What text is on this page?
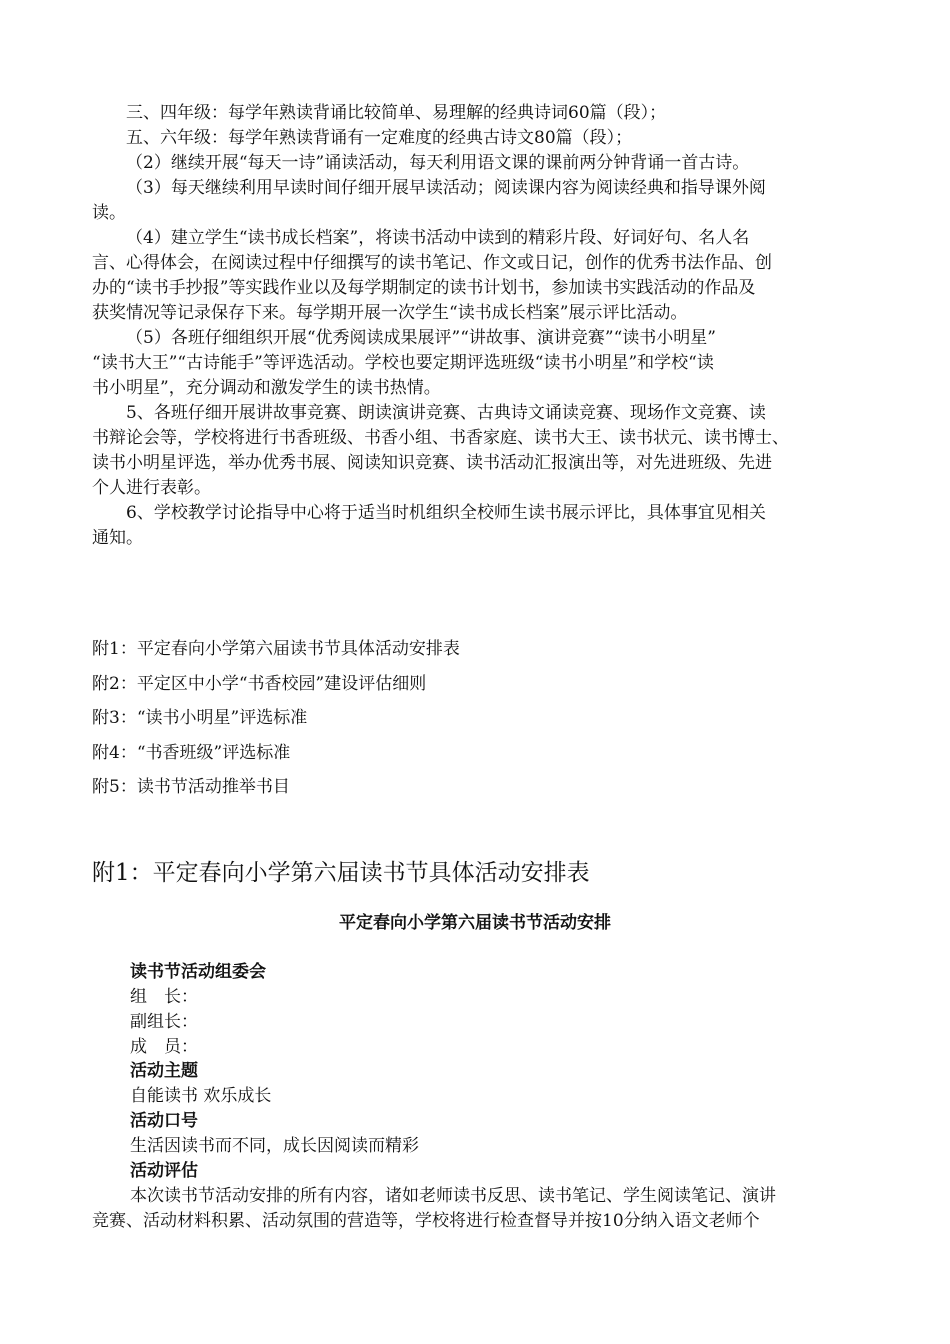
三、四年级：每学年熟读背诵比较简单、易理解的经典诗词60篇（段）；
五、六年级：每学年熟读背诵有一定难度的经典古诗文80篇（段）；
（2）继续开展“每天一诗”诵读活动，每天利用语文课的课前两分钟背诵一首古诗。
（3）每天继续利用早读时间仔细开展早读活动；阅读课内容为阅读经典和指导课外阅
读。
（4）建立学生“读书成长档案”，将读书活动中读到的精彩片段、好词好句、名人名
言、心得体会，在阅读过程中仔细撰写的读书笔记、作文或日记，创作的优秀书法作品、创
办的“读书手抄报”等实践作业以及每学期制定的读书计划书，参加读书实践活动的作品及
获奖情况等记录保存下来。每学期开展一次学生“读书成长档案”展示评比活动。
（5）各班仔细组织开展“优秀阅读成果展评”“讲故事、演讲竞赛”“读书小明星”
“读书大王”“古诗能手”等评选活动。学校也要定期评选班级“读书小明星”和学校“读
书小明星”，充分调动和激发学生的读书热情。
5、各班仔细开展讲故事竞赛、朗读演讲竞赛、古典诗文诵读竞赛、现场作文竞赛、读
书辩论会等，学校将进行书香班级、书香小组、书香家庭、读书大王、读书状元、读书博士、
读书小明星评选，举办优秀书展、阅读知识竞赛、读书活动汇报演出等，对先进班级、先进
个人进行表彰。
6、学校教学讨论指导中心将于适当时机组织全校师生读书展示评比，具体事宜见相关
通知。
附1：平定春向小学第六届读书节具体活动安排表
附2：平定区中小学“书香校园”建设评估细则
附3：“读书小明星”评选标准
附4：“书香班级”评选标准
附5：读书节活动推举书目
附1：平定春向小学第六届读书节具体活动安排表
平定春向小学第六届读书节活动安排
读书节活动组委会
组　长：
副组长：
成　员：
活动主题
自能读书 欢乐成长
活动口号
生活因读书而不同，成长因阅读而精彩
活动评估
本次读书节活动安排的所有内容，诸如老师读书反思、读书笔记、学生阅读笔记、演讲
竞赛、活动材料积累、活动氛围的营造等，学校将进行检查督导并按10分纳入语文老师个
